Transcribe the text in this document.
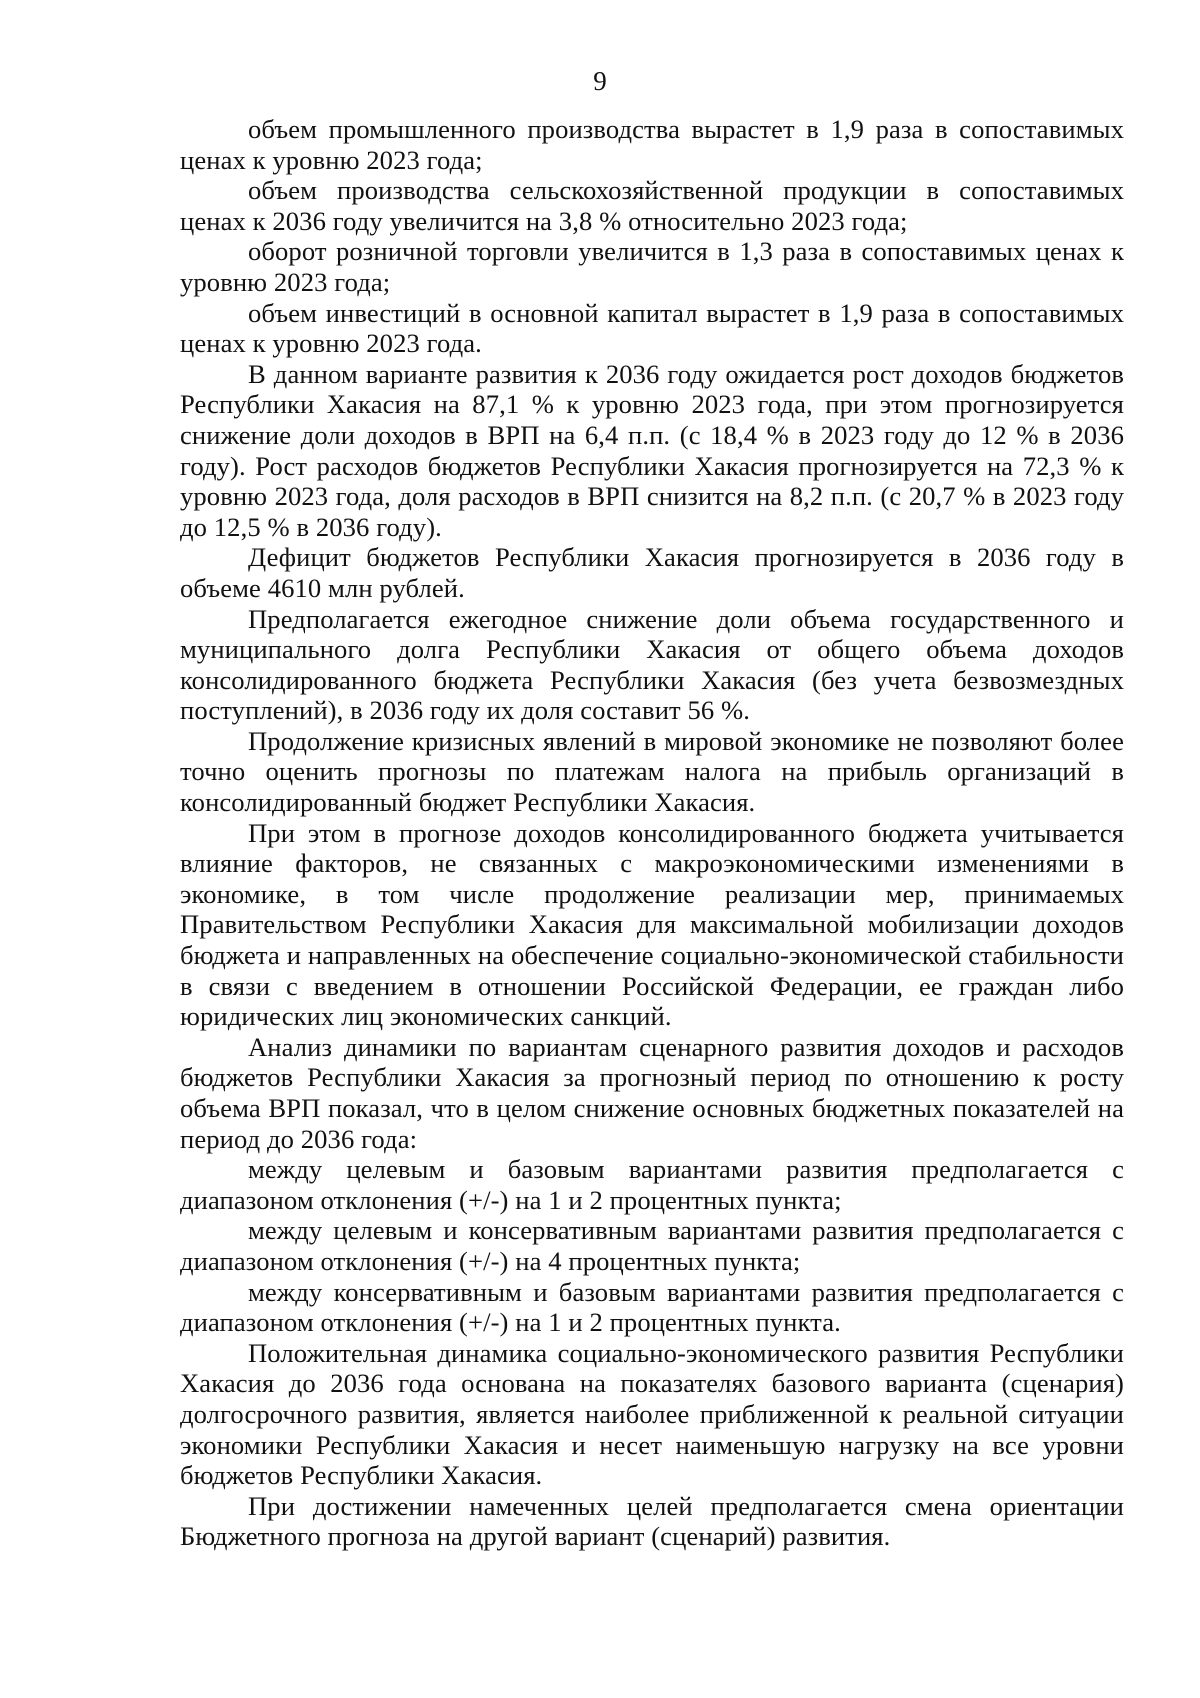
9

объем промышленного производства вырастет в 1,9 раза в сопоставимых ценах к уровню 2023 года;

объем производства сельскохозяйственной продукции в сопоставимых ценах к 2036 году увеличится на 3,8 % относительно 2023 года;

оборот розничной торговли увеличится в 1,3 раза в сопоставимых ценах к уровню 2023 года;

объем инвестиций в основной капитал вырастет в 1,9 раза в сопоставимых ценах к уровню 2023 года.

В данном варианте развития к 2036 году ожидается рост доходов бюджетов Республики Хакасия на 87,1 % к уровню 2023 года, при этом прогнозируется снижение доли доходов в ВРП на 6,4 п.п. (с 18,4 % в 2023 году до 12 % в 2036 году). Рост расходов бюджетов Республики Хакасия прогнозируется на 72,3 % к уровню 2023 года, доля расходов в ВРП снизится на 8,2 п.п. (с 20,7 % в 2023 году до 12,5 % в 2036 году).

Дефицит бюджетов Республики Хакасия прогнозируется в 2036 году в объеме 4610 млн рублей.

Предполагается ежегодное снижение доли объема государственного и муниципального долга Республики Хакасия от общего объема доходов консолидированного бюджета Республики Хакасия (без учета безвозмездных поступлений), в 2036 году их доля составит 56 %.

Продолжение кризисных явлений в мировой экономике не позволяют более точно оценить прогнозы по платежам налога на прибыль организаций в консолидированный бюджет Республики Хакасия.

При этом в прогнозе доходов консолидированного бюджета учитывается влияние факторов, не связанных с макроэкономическими изменениями в экономике, в том числе продолжение реализации мер, принимаемых Правительством Республики Хакасия для максимальной мобилизации доходов бюджета и направленных на обеспечение социально-экономической стабильности в связи с введением в отношении Российской Федерации, ее граждан либо юридических лиц экономических санкций.

Анализ динамики по вариантам сценарного развития доходов и расходов бюджетов Республики Хакасия за прогнозный период по отношению к росту объема ВРП показал, что в целом снижение основных бюджетных показателей на период до 2036 года:

между целевым и базовым вариантами развития предполагается с диапазоном отклонения (+/-) на 1 и 2 процентных пункта;

между целевым и консервативным вариантами развития предполагается с диапазоном отклонения (+/-) на 4 процентных пункта;

между консервативным и базовым вариантами развития предполагается с диапазоном отклонения (+/-) на 1 и 2 процентных пункта.

Положительная динамика социально-экономического развития Республики Хакасия до 2036 года основана на показателях базового варианта (сценария) долгосрочного развития, является наиболее приближенной к реальной ситуации экономики Республики Хакасия и несет наименьшую нагрузку на все уровни бюджетов Республики Хакасия.

При достижении намеченных целей предполагается смена ориентации Бюджетного прогноза на другой вариант (сценарий) развития.
